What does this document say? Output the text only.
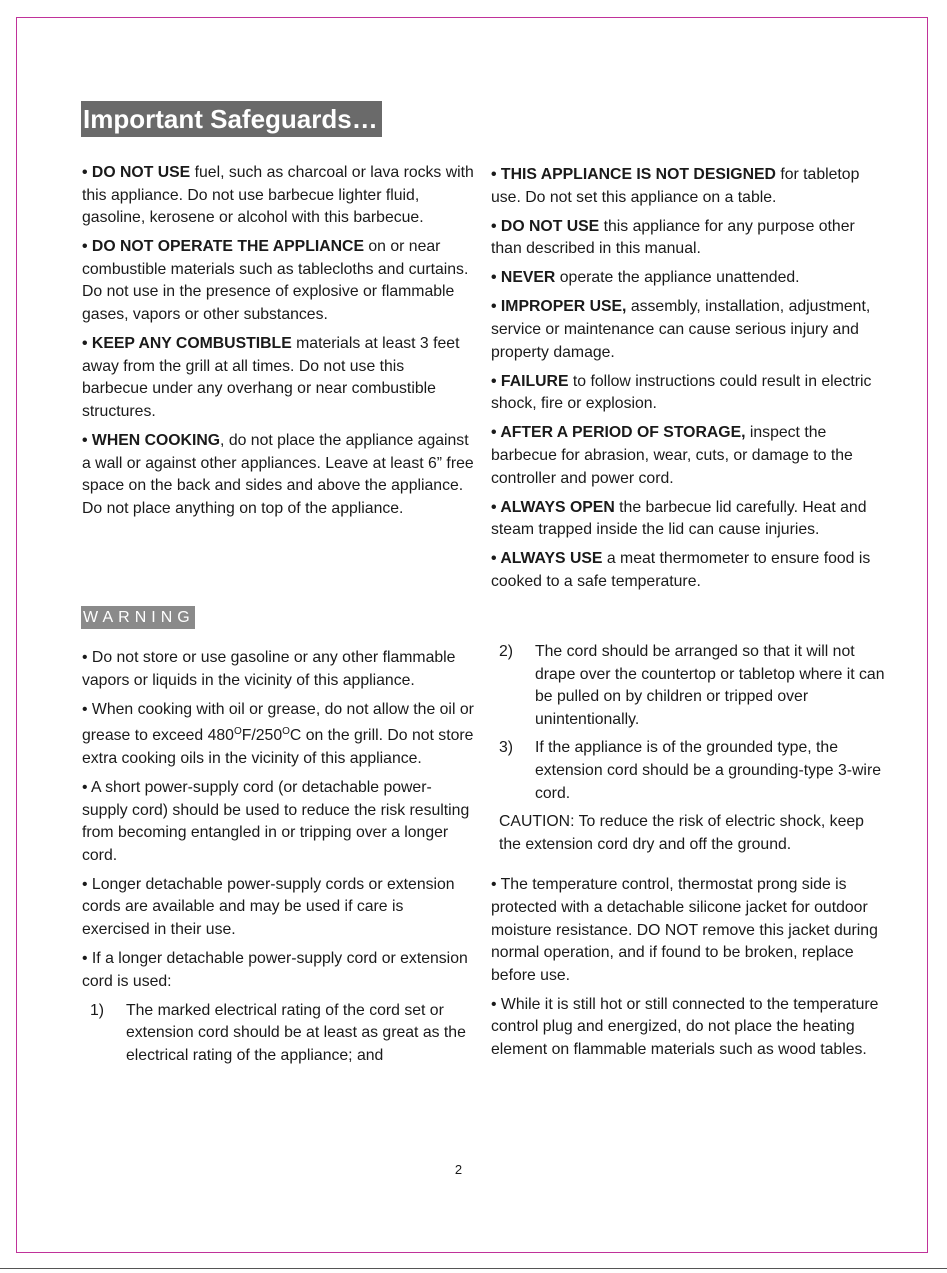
Important Safeguards…

• DO NOT USE fuel, such as charcoal or lava rocks with this appliance. Do not use barbecue lighter fluid, gasoline, kerosene or alcohol with this barbecue.

• DO NOT OPERATE THE APPLIANCE on or near combustible materials such as tablecloths and curtains. Do not use in the presence of explosive or flammable gases, vapors or other substances.

• KEEP ANY COMBUSTIBLE materials at least 3 feet away from the grill at all times. Do not use this barbecue under any overhang or near combustible structures.

• WHEN COOKING, do not place the appliance against a wall or against other appliances. Leave at least 6” free space on the back and sides and above the appliance. Do not place anything on top of the appliance.

• THIS APPLIANCE IS NOT DESIGNED for tabletop use. Do not set this appliance on a table.

• DO NOT USE this appliance for any purpose other than described in this manual.

• NEVER operate the appliance unattended.

• IMPROPER USE, assembly, installation, adjustment, service or maintenance can cause serious injury and property damage.

• FAILURE to follow instructions could result in electric shock, fire or explosion.

• AFTER A PERIOD OF STORAGE, inspect the barbecue for abrasion, wear, cuts, or damage to the controller and power cord.

• ALWAYS OPEN the barbecue lid carefully. Heat and steam trapped inside the lid can cause injuries.

• ALWAYS USE a meat thermometer to ensure food is cooked to a safe temperature.

WARNING

• Do not store or use gasoline or any other flammable vapors or liquids in the vicinity of this appliance.

• When cooking with oil or grease, do not allow the oil or grease to exceed $480^OF/250^OC$ on the grill. Do not store extra cooking oils in the vicinity of this appliance.

• A short power-supply cord (or detachable power-supply cord) should be used to reduce the risk resulting from becoming entangled in or tripping over a longer cord.

• Longer detachable power-supply cords or extension cords are available and may be used if care is exercised in their use.

• If a longer detachable power-supply cord or extension cord is used:

1) The marked electrical rating of the cord set or extension cord should be at least as great as the electrical rating of the appliance; and
2) The cord should be arranged so that it will not drape over the countertop or tabletop where it can be pulled on by children or tripped over unintentionally.
3) If the appliance is of the grounded type, the extension cord should be a grounding-type 3-wire cord.

CAUTION: To reduce the risk of electric shock, keep the extension cord dry and off the ground.

• The temperature control, thermostat prong side is protected with a detachable silicone jacket for outdoor moisture resistance. DO NOT remove this jacket during normal operation, and if found to be broken, replace before use.

• While it is still hot or still connected to the temperature control plug and energized, do not place the heating element on flammable materials such as wood tables.

2
